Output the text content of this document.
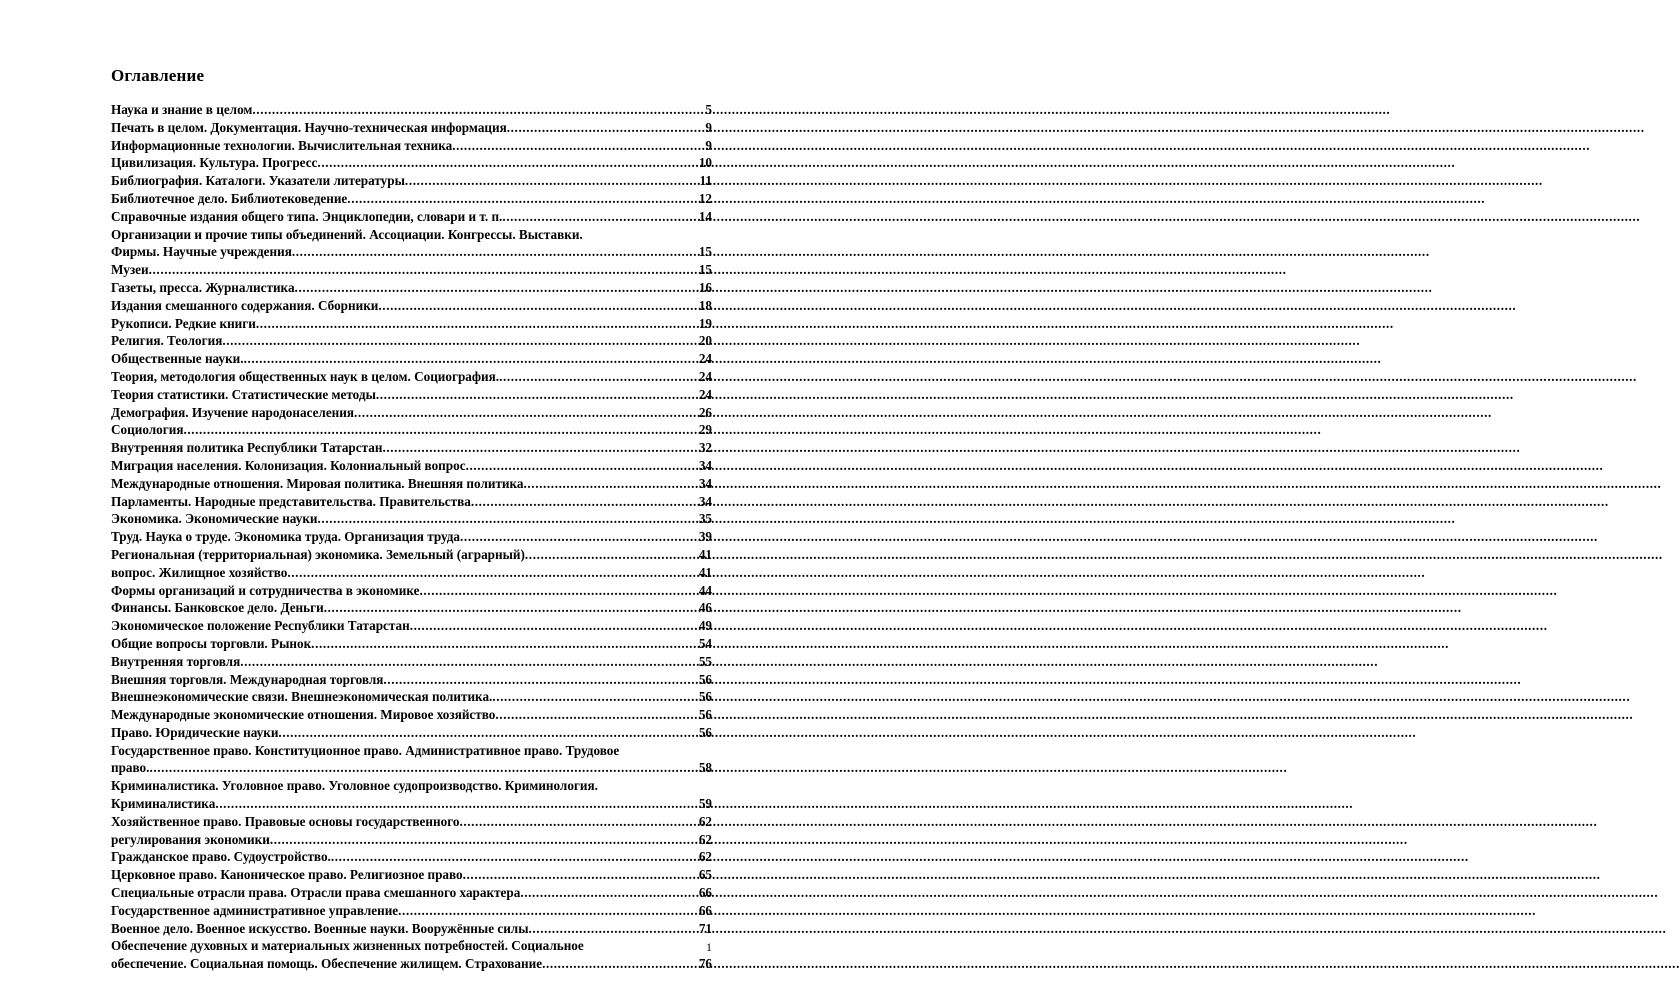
Оглавление
Наука и знание в целом .....	5
Печать в целом. Документация. Научно-техническая информация .....	9
Информационные технологии. Вычислительная техника .....	9
Цивилизация. Культура. Прогресс .....	10
Библиография. Каталоги. Указатели литературы .....	11
Библиотечное дело. Библиотековедение .....	12
Справочные издания общего типа. Энциклопедии, словари и т. п. .....	14
Организации и прочие типы объединений. Ассоциации. Конгрессы. Выставки.
Фирмы. Научные учреждения .....	15
Музеи .....	15
Газеты, пресса. Журналистика .....	16
Издания смешанного содержания. Сборники .....	18
Рукописи. Редкие книги .....	19
Религия. Теология .....	20
Общественные науки. .....	24
Теория, методология общественных наук в целом. Социография. .....	24
Теория статистики. Статистические методы .....	24
Демография. Изучение народонаселения .....	26
Социология .....	29
Внутренняя политика Республики Татарстан .....	32
Миграция населения. Колонизация. Колониальный вопрос .....	34
Международные отношения. Мировая политика. Внешняя политика .....	34
Парламенты. Народные представительства. Правительства .....	34
Экономика. Экономические науки .....	35
Труд. Наука о труде. Экономика труда. Организация труда .....	39
Региональная (территориальная) экономика. Земельный (аграрный) .....	41
вопрос. Жилищное хозяйство .....	41
Формы организаций и сотрудничества в экономике .....	44
Финансы. Банковское дело. Деньги .....	46
Экономическое положение Республики Татарстан .....	49
Общие вопросы торговли. Рынок .....	54
Внутренняя торговля .....	55
Внешняя торговля. Международная торговля .....	56
Внешнеэкономические связи. Внешнеэкономическая политика. .....	56
Международные экономические отношения. Мировое хозяйство .....	56
Право. Юридические науки .....	56
Государственное право. Конституционное право. Административное право. Трудовое
право. .....	58
Криминалистика. Уголовное право. Уголовное судопроизводство. Криминология.
Криминалистика .....	59
Хозяйственное право. Правовые основы государственного .....	62
регулирования экономики .....	62
Гражданское право. Судоустройство. .....	62
Церковное право. Каноническое право. Религиозное право .....	65
Специальные отрасли права. Отрасли права смешанного характера .....	66
Государственное административное управление .....	66
Военное дело. Военное искусство. Военные науки. Вооружённые силы .....	71
Обеспечение духовных и материальных жизненных потребностей. Социальное
обеспечение. Социальная помощь. Обеспечение жилищем. Страхование .....	76
1
